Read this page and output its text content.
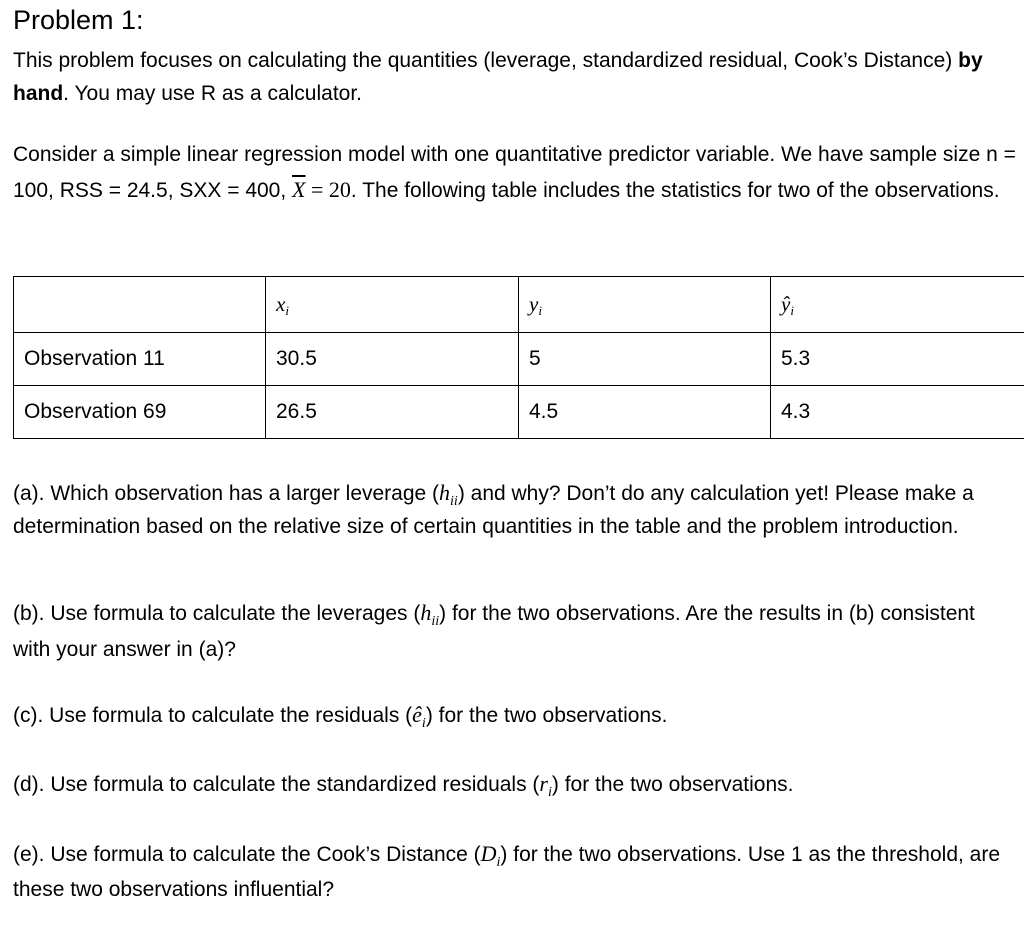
Problem 1:

This problem focuses on calculating the quantities (leverage, standardized residual, Cook’s Distance) by hand. You may use R as a calculator.

Consider a simple linear regression model with one quantitative predictor variable. We have sample size n = 100, RSS = 24.5, SXX = 400, $\overline{X} = 20$. The following table includes the statistics for two of the observations.

	$x_i$	$y_i$	$ŷ_i$
Observation 11	30.5	5	5.3
Observation 69	26.5	4.5	4.3

(a). Which observation has a larger leverage $(h_{ii})$ and why? Don’t do any calculation yet! Please make a determination based on the relative size of certain quantities in the table and the problem introduction.

(b). Use formula to calculate the leverages $(h_{ii})$ for the two observations. Are the results in (b) consistent with your answer in (a)?

(c). Use formula to calculate the residuals $(ê_i)$ for the two observations.

(d). Use formula to calculate the standardized residuals $(r_i)$ for the two observations.

(e). Use formula to calculate the Cook’s Distance $(D_i)$ for the two observations. Use 1 as the threshold, are these two observations influential?
